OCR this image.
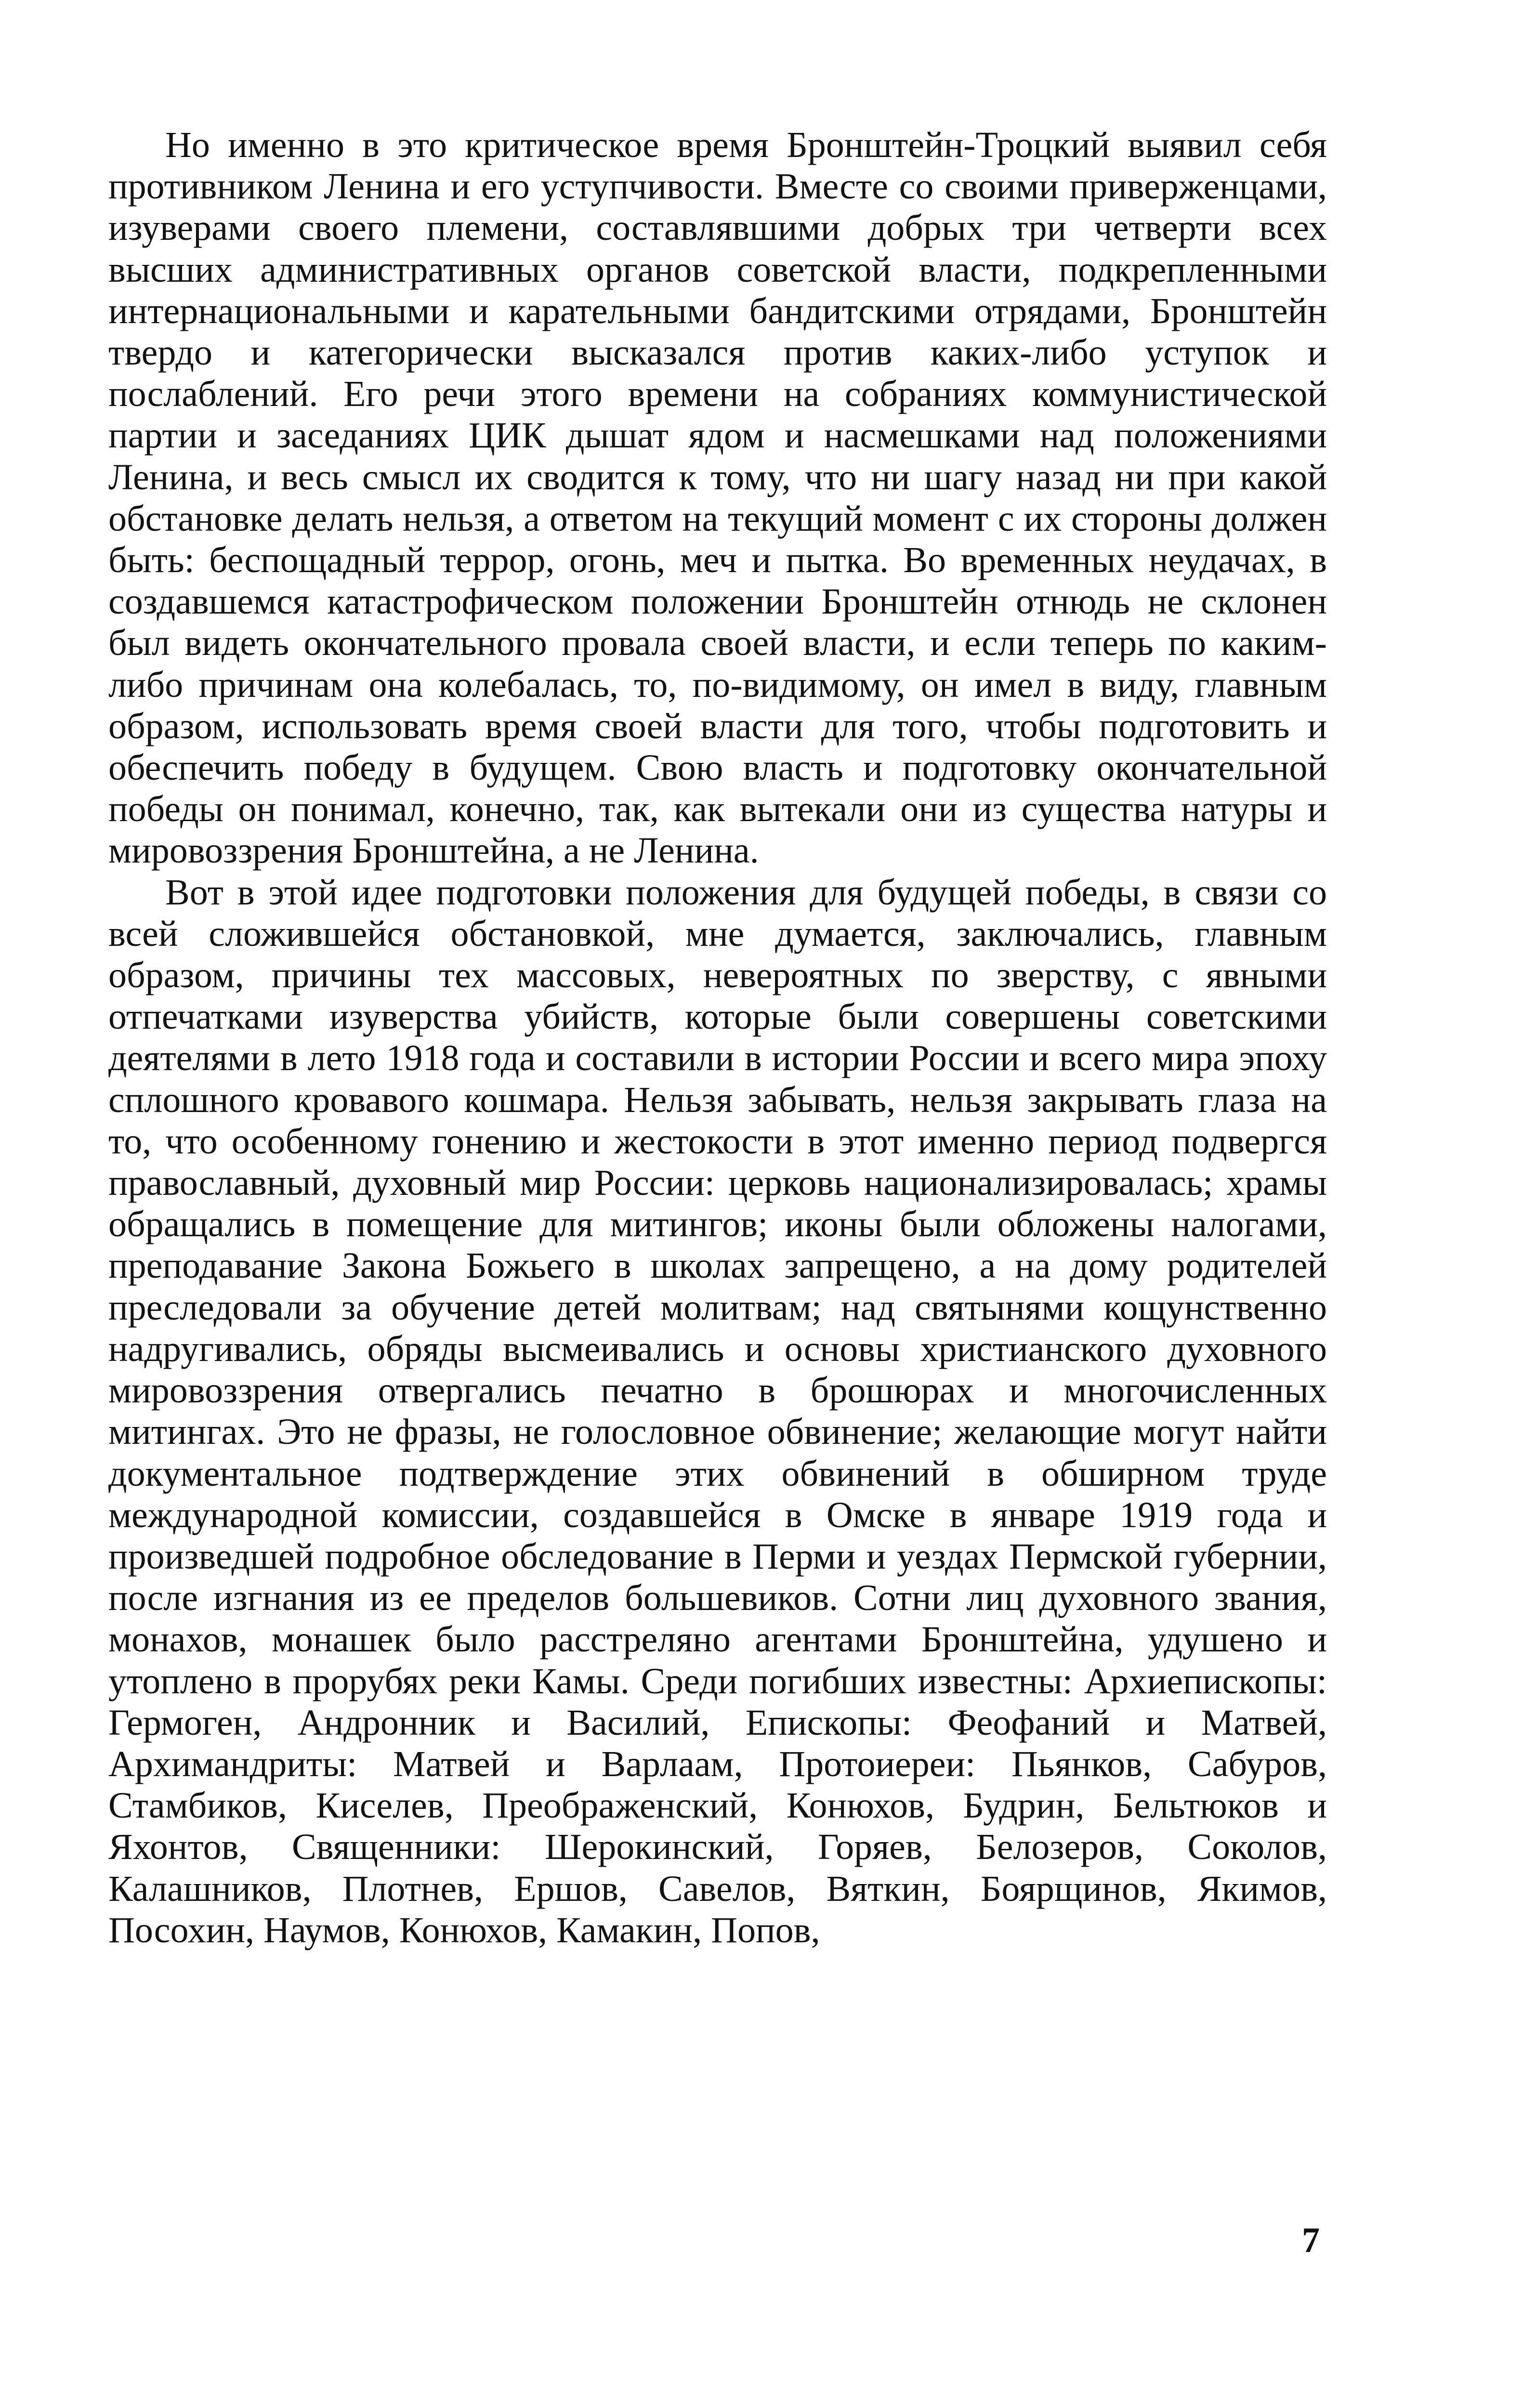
Но именно в это критическое время Бронштейн-Троцкий выявил себя противником Ленина и его уступчивости. Вместе со своими приверженцами, изуверами своего племени, составлявшими добрых три четверти всех высших административных органов советской власти, подкрепленными интернациональными и карательными бандитскими отрядами, Бронштейн твердо и категорически высказался против каких-либо уступок и послаблений. Его речи этого времени на собраниях коммунистической партии и заседаниях ЦИК дышат ядом и насмешками над положениями Ленина, и весь смысл их сводится к тому, что ни шагу назад ни при какой обстановке делать нельзя, а ответом на текущий момент с их стороны должен быть: беспощадный террор, огонь, меч и пытка. Во временных неудачах, в создавшемся катастрофическом положении Бронштейн отнюдь не склонен был видеть окончательного провала своей власти, и если теперь по каким-либо причинам она колебалась, то, по-видимому, он имел в виду, главным образом, использовать время своей власти для того, чтобы подготовить и обеспечить победу в будущем. Свою власть и подготовку окончательной победы он понимал, конечно, так, как вытекали они из существа натуры и мировоззрения Бронштейна, а не Ленина.

Вот в этой идее подготовки положения для будущей победы, в связи со всей сложившейся обстановкой, мне думается, заключались, главным образом, причины тех массовых, невероятных по зверству, с явными отпечатками изуверства убийств, которые были совершены советскими деятелями в лето 1918 года и составили в истории России и всего мира эпоху сплошного кровавого кошмара. Нельзя забывать, нельзя закрывать глаза на то, что особенному гонению и жестокости в этот именно период подвергся православный, духовный мир России: церковь национализировалась; храмы обращались в помещение для митингов; иконы были обложены налогами, преподавание Закона Божьего в школах запрещено, а на дому родителей преследовали за обучение детей молитвам; над святынями кощунственно надругивались, обряды высмеивались и основы христианского духовного мировоззрения отвергались печатно в брошюрах и многочисленных митингах. Это не фразы, не голословное обвинение; желающие могут найти документальное подтверждение этих обвинений в обширном труде международной комиссии, создавшейся в Омске в январе 1919 года и произведшей подробное обследование в Перми и уездах Пермской губернии, после изгнания из ее пределов большевиков. Сотни лиц духовного звания, монахов, монашек было расстреляно агентами Бронштейна, удушено и утоплено в прорубях реки Камы. Среди погибших известны: Архиепископы: Гермоген, Андронник и Василий, Епископы: Феофаний и Матвей, Архимандриты: Матвей и Варлаам, Протоиереи: Пьянков, Сабуров, Стамбиков, Киселев, Преображенский, Конюхов, Будрин, Бельтюков и Яхонтов, Священники: Шерокинский, Горяев, Белозеров, Соколов, Калашников, Плотнев, Ершов, Савелов, Вяткин, Боярщинов, Якимов, Посохин, Наумов, Конюхов, Камакин, Попов,

7
